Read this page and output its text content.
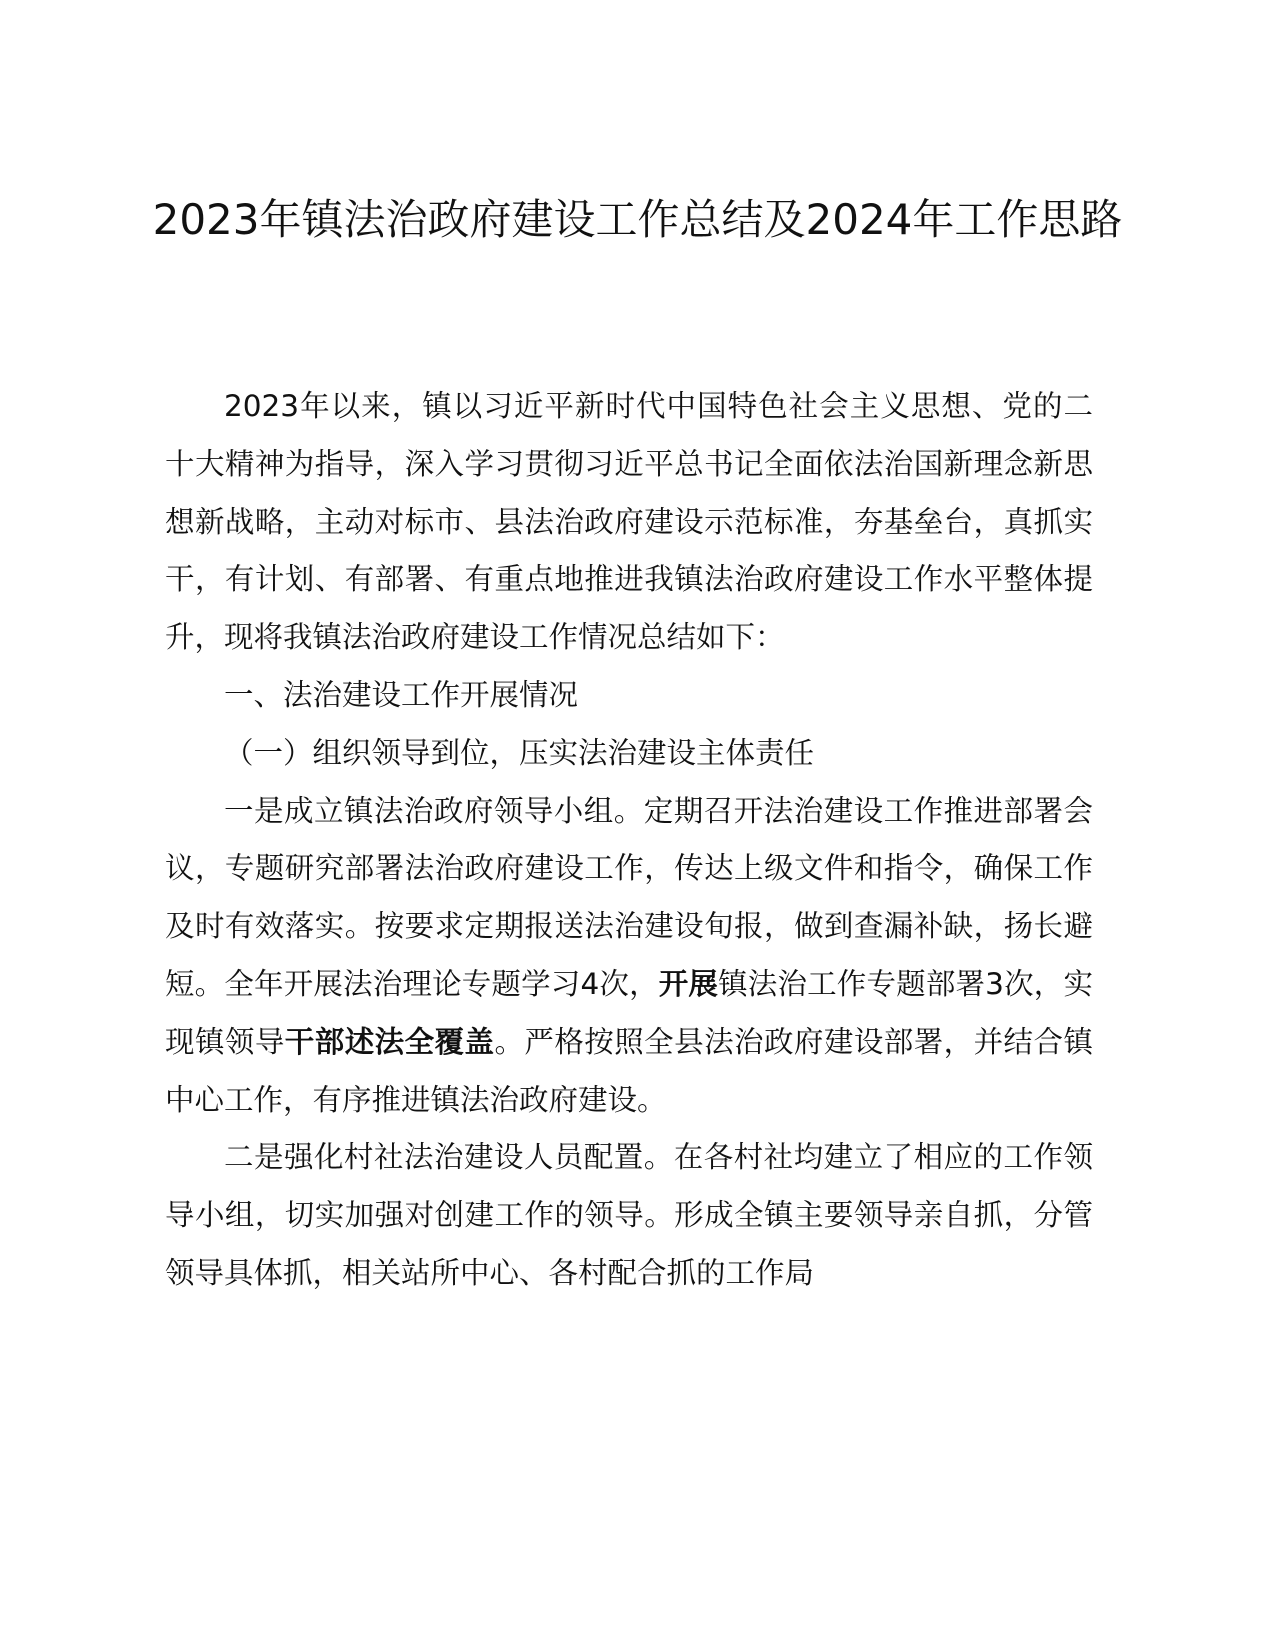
2023年镇法治政府建设工作总结及2024年工作思路

2023年以来，镇以习近平新时代中国特色社会主义思想、党的二十大精神为指导，深入学习贯彻习近平总书记全面依法治国新理念新思想新战略，主动对标市、县法治政府建设示范标准，夯基垒台，真抓实干，有计划、有部署、有重点地推进我镇法治政府建设工作水平整体提升，现将我镇法治政府建设工作情况总结如下：

一、法治建设工作开展情况

（一）组织领导到位，压实法治建设主体责任

一是成立镇法治政府领导小组。定期召开法治建设工作推进部署会议，专题研究部署法治政府建设工作，传达上级文件和指令，确保工作及时有效落实。按要求定期报送法治建设旬报，做到查漏补缺，扬长避短。全年开展法治理论专题学习4次，开展镇法治工作专题部署3次，实现镇领导干部述法全覆盖。严格按照全县法治政府建设部署，并结合镇中心工作，有序推进镇法治政府建设。

二是强化村社法治建设人员配置。在各村社均建立了相应的工作领导小组，切实加强对创建工作的领导。形成全镇主要领导亲自抓，分管领导具体抓，相关站所中心、各村配合抓的工作局
